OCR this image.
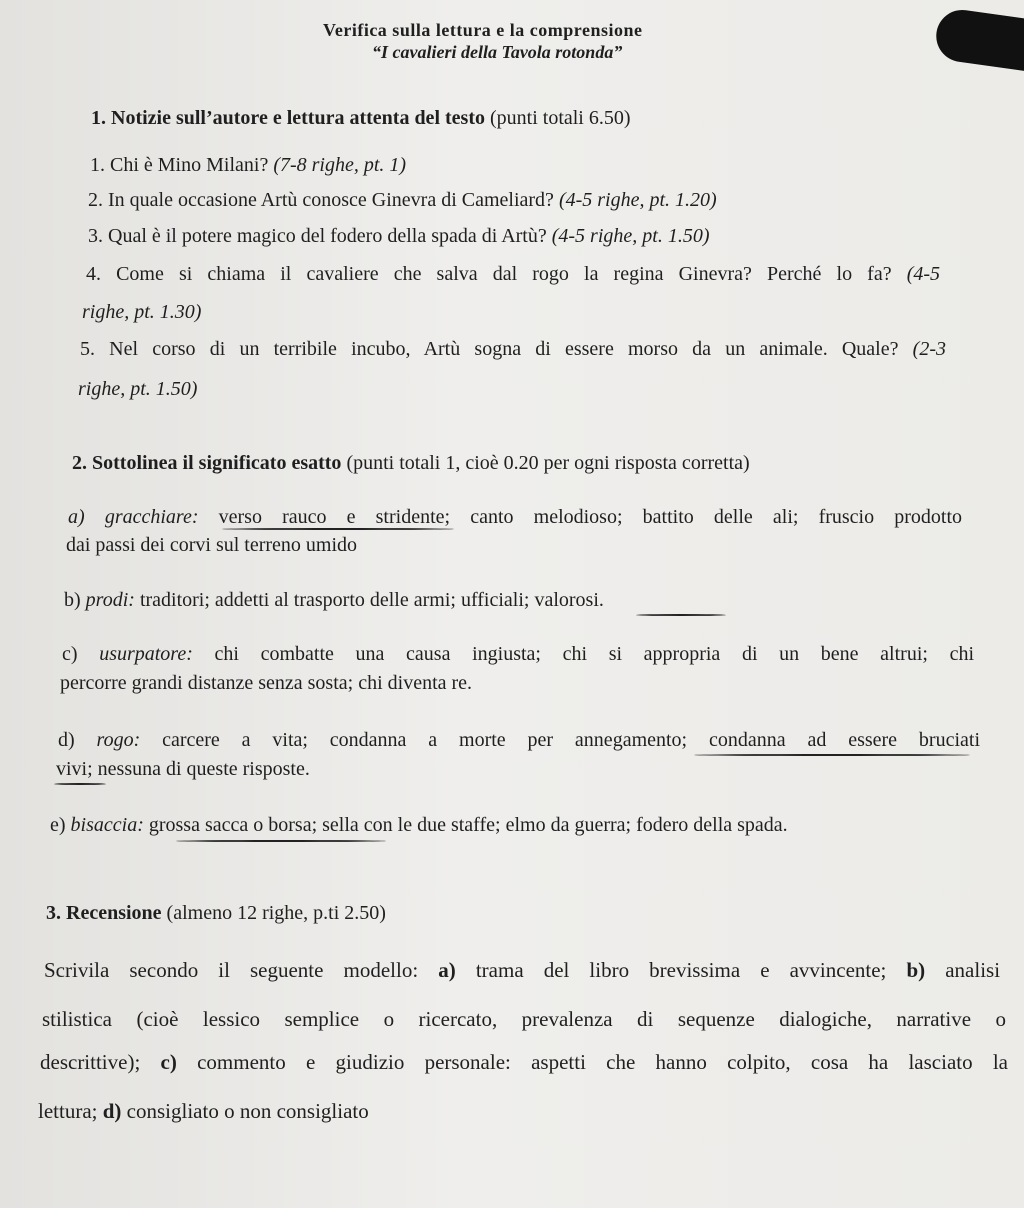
Verifica sulla lettura e la comprensione
“I cavalieri della Tavola rotonda”
1. Notizie sull’autore e lettura attenta del testo (punti totali 6.50)
1. Chi è Mino Milani? (7-8 righe, pt. 1)
2. In quale occasione Artù conosce Ginevra di Cameliard? (4-5 righe, pt. 1.20)
3. Qual è il potere magico del fodero della spada di Artù? (4-5 righe, pt. 1.50)
4. Come si chiama il cavaliere che salva dal rogo la regina Ginevra? Perché lo fa? (4-5
righe, pt. 1.30)
5. Nel corso di un terribile incubo, Artù sogna di essere morso da un animale. Quale? (2-3
righe, pt. 1.50)
2. Sottolinea il significato esatto (punti totali 1, cioè 0.20 per ogni risposta corretta)
a) gracchiare: verso rauco e stridente; canto melodioso; battito delle ali; fruscio prodotto
dai passi dei corvi sul terreno umido
b) prodi: traditori; addetti al trasporto delle armi; ufficiali; valorosi.
c) usurpatore: chi combatte una causa ingiusta; chi si appropria di un bene altrui; chi
percorre grandi distanze senza sosta; chi diventa re.
d) rogo: carcere a vita; condanna a morte per annegamento; condanna ad essere bruciati
vivi; nessuna di queste risposte.
e) bisaccia: grossa sacca o borsa; sella con le due staffe; elmo da guerra; fodero della spada.
3. Recensione (almeno 12 righe, p.ti 2.50)
Scrivila secondo il seguente modello: a) trama del libro brevissima e avvincente; b) analisi
stilistica (cioè lessico semplice o ricercato, prevalenza di sequenze dialogiche, narrative o
descrittive); c) commento e giudizio personale: aspetti che hanno colpito, cosa ha lasciato la
lettura; d) consigliato o non consigliato
